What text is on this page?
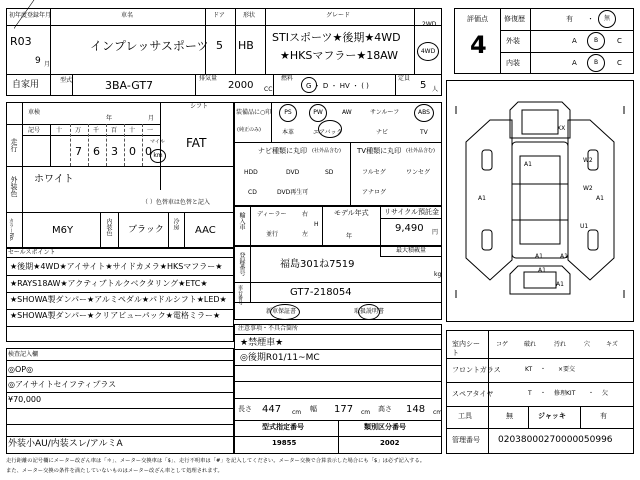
初年度登録年月
R03
9 月
車名
インプレッサスポーツ
ドア
5
形状
HB
グレード
STIスポーツ★後期★4WD
★HKSマフラー★18AW
2WD
4WD
自家用	型式	3BA-GT7
排気量
2000 CC
燃料
G ・ D ・ HV ・ ( )
定員
5 人
評価点
4
修復歴	有 ・ 無
外装	A	B	C
内装	A	B	C
車検
年	月
シフト
FAT
走行
記号	十 万 千 百 十 一
7 6 3 0 0
マイル
km
外装色 ホワイト
（ ）色替車は色替と記入
カラーNo.	M6Y	内装色 ブラック 冷房
AAC
装備品に○印
(純正のみ)
PS	PW	AW	サンルーフ	ABS
本革	エアバック	ナビ	TV
ナビ種類に丸印 (社外品含む)
HDD	DVD	SD
CD	DVD再生可
TV種類に丸印 (社外品含む)
フルセグ	ワンセグ
アナログ
輸入車 ディーラー	右
H
並行	左
モデル年式
年
リサイクル預託金
9,490 円
登録番号	福島301ね7519
最大積載量
kg
車台番号	GT7-218054
新車保証書	取扱説明書
セールスポイント
★後期★4WD★アイサイト★サイドカメラ★HKSマフラー★
★RAYS18AW★アクティブトルクベクタリング★ETC★
★SHOWA製ダンパー★アルミペダル★パドルシフト★LED★
★SHOWA製ダンパー★クリアビューパック★電格ミラー★
検査記入欄
◎OP◎
◎アイサイトセイフティプラス
¥70,000
外装小AU/内装スレ/アルミA
注意事項・不具合箇所
★禁煙車★
◎後期R01/11~MC
長さ 447 cm 幅 177 cm 高さ 148 cm
型式指定番号
19855
類別区分番号
2002
XX
A1
A1
W2
W2
A1
U1
A1	A1
A1
A1
室内シート
コゲ	破れ	汚れ	穴	キズ
フロントガラス	KT ・ ×要交
スペアタイヤ	T ・ 修理KIT ・ 欠
工具	無	ジャッキ	有
管理番号 02038000270000050996
走行距離の記号欄にメーター改ざん車は「＊」、メーター交換車は「$」、走行不明車は「#」を記入してください。メーター交換で合算表示した場合にも「$」は必ず記入する。
また、メーター交換の条件を満たしていないものはメーター改ざん車として処理されます。
